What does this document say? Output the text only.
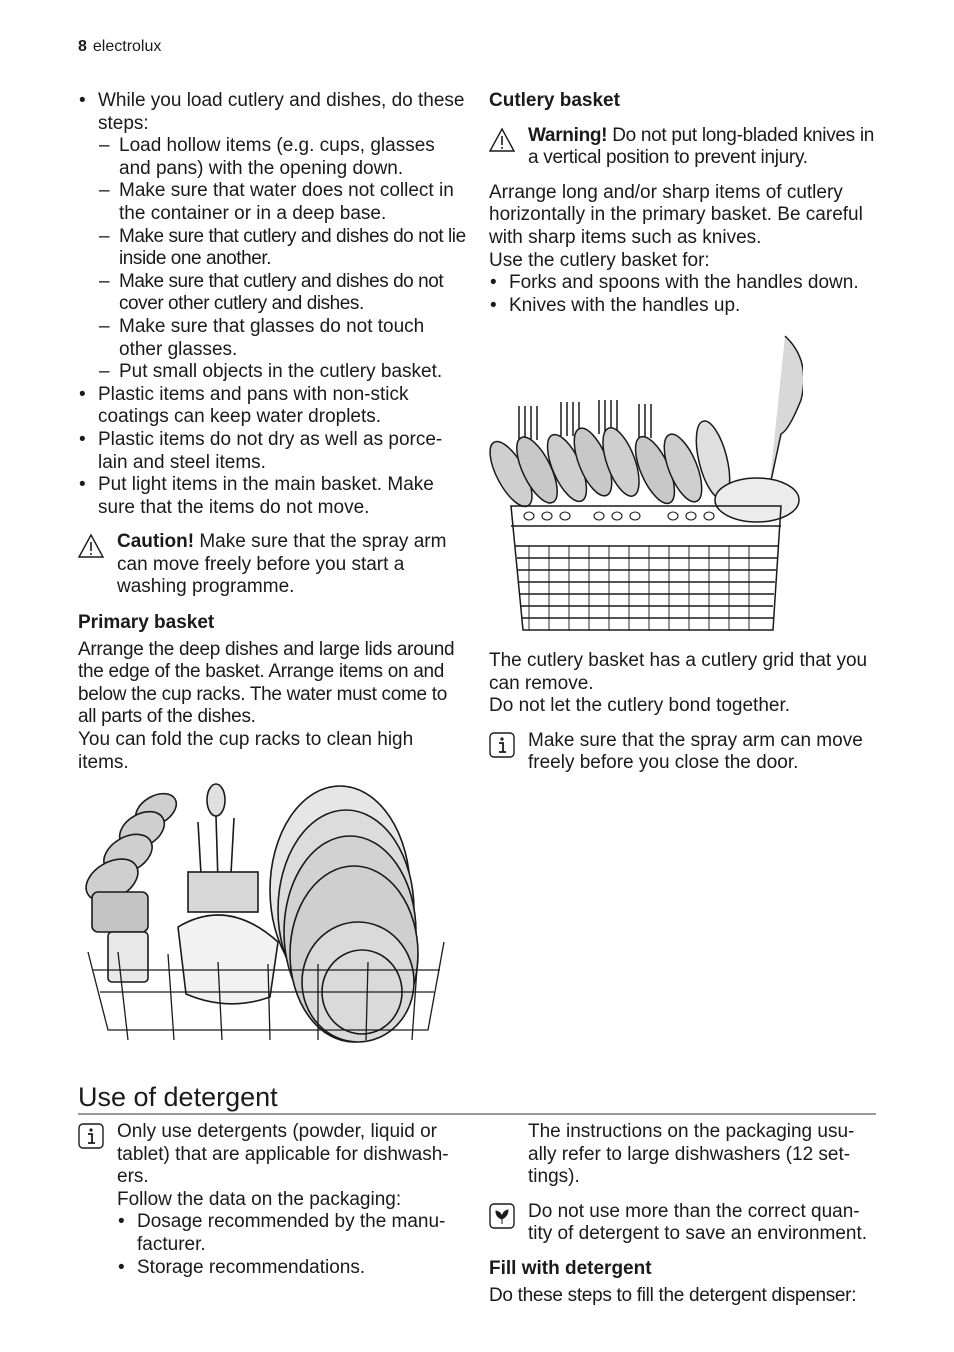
8 electrolux
• While you load cutlery and dishes, do these steps:
– Load hollow items (e.g. cups, glasses and pans) with the opening down.
– Make sure that water does not collect in the container or in a deep base.
– Make sure that cutlery and dishes do not lie inside one another.
– Make sure that cutlery and dishes do not cover other cutlery and dishes.
– Make sure that glasses do not touch other glasses.
– Put small objects in the cutlery basket.
• Plastic items and pans with non-stick coatings can keep water droplets.
• Plastic items do not dry as well as porce-lain and steel items.
• Put light items in the main basket. Make sure that the items do not move.
Caution! Make sure that the spray arm can move freely before you start a washing programme.
Primary basket
Arrange the deep dishes and large lids around the edge of the basket. Arrange items on and below the cup racks. The water must come to all parts of the dishes.
You can fold the cup racks to clean high items.
Cutlery basket
Warning! Do not put long-bladed knives in a vertical position to prevent injury.
Arrange long and/or sharp items of cutlery horizontally in the primary basket. Be careful with sharp items such as knives.
Use the cutlery basket for:
• Forks and spoons with the handles down.
• Knives with the handles up.
The cutlery basket has a cutlery grid that you can remove.
Do not let the cutlery bond together.
Make sure that the spray arm can move freely before you close the door.
Use of detergent
Only use detergents (powder, liquid or tablet) that are applicable for dishwash-ers.
Follow the data on the packaging:
• Dosage recommended by the manu-facturer.
• Storage recommendations.
The instructions on the packaging usu-ally refer to large dishwashers (12 set-tings).
Do not use more than the correct quan-tity of detergent to save an environment.
Fill with detergent
Do these steps to fill the detergent dispenser:
